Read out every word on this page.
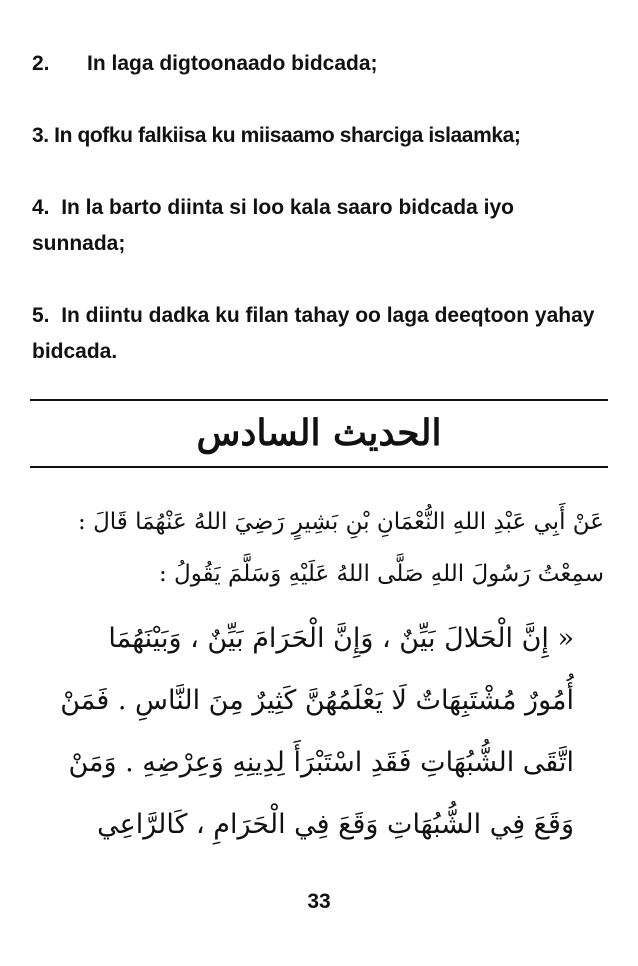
2. In laga digtoonaado bidcada;

3. In qofku falkiisa ku miisaamo sharciga islaamka;

4. In la barto diinta si loo kala saaro bidcada iyo sunnada;

5. In diintu dadka ku filan tahay oo laga deeqtoon yahay bidcada.

الحديث السادس

عَنْ أَبِي عَبْدِ اللهِ النُّعْمَانِ بْنِ بَشِيرٍ رَضِيَ اللهُ عَنْهُمَا قَالَ : سمِعْتُ رَسُولَ اللهِ صَلَّى اللهُ عَلَيْهِ وَسَلَّمَ يَقُولُ :

« إِنَّ الْحَلالَ بَيِّنٌ ، وَإِنَّ الْحَرَامَ بَيِّنٌ ، وَبَيْنَهُمَا
أُمُورٌ مُشْتَبِهَاتٌ لَا يَعْلَمُهُنَّ كَثِيرٌ مِنَ النَّاسِ . فَمَنْ
اتَّقَى الشُّبُهَاتِ فَقَدِ اسْتَبْرَأَ لِدِينِهِ وَعِرْضِهِ . وَمَنْ
وَقَعَ فِي الشُّبُهَاتِ وَقَعَ فِي الْحَرَامِ ، كَالرَّاعِي
33
